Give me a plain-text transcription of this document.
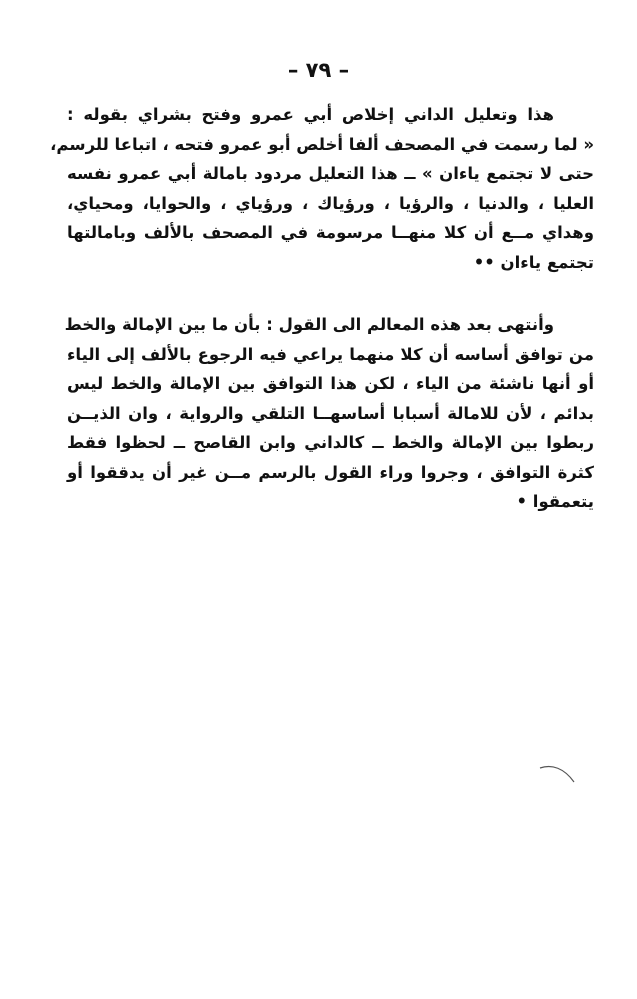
– ٧٩ –
هذا وتعليل الداني إخلاص أبي عمرو وفتح بشراي بقوله :
« لما رسمت في المصحف ألفا أخلص أبو عمرو فتحه ، اتباعا للرسم،
حتى لا تجتمع ياءان » ــ هذا التعليل مردود بامالة أبي عمرو نفسه
العليا ، والدنيا ، والرؤيا ، ورؤياك ، ورؤياي ، والحوايا، ومحياي،
وهداي مــع أن كلا منهــا مرسومة في المصحف بالألف وبامالتها
تجتمع ياءان ••
وأنتهى بعد هذه المعالم الى القول : بأن ما بين الإمالة والخط
من توافق أساسه أن كلا منهما يراعي فيه الرجوع بالألف إلى الياء
أو أنها ناشئة من الياء ، لكن هذا التوافق بين الإمالة والخط ليس
بدائم ، لأن للامالة أسبابا أساسهــا التلقي والرواية ، وان الذيــن
ربطوا بين الإمالة والخط ــ كالداني وابن القاصح ــ لحظوا فقط
كثرة التوافق ، وجروا وراء القول بالرسم مــن غير أن يدققوا أو
يتعمقوا •
